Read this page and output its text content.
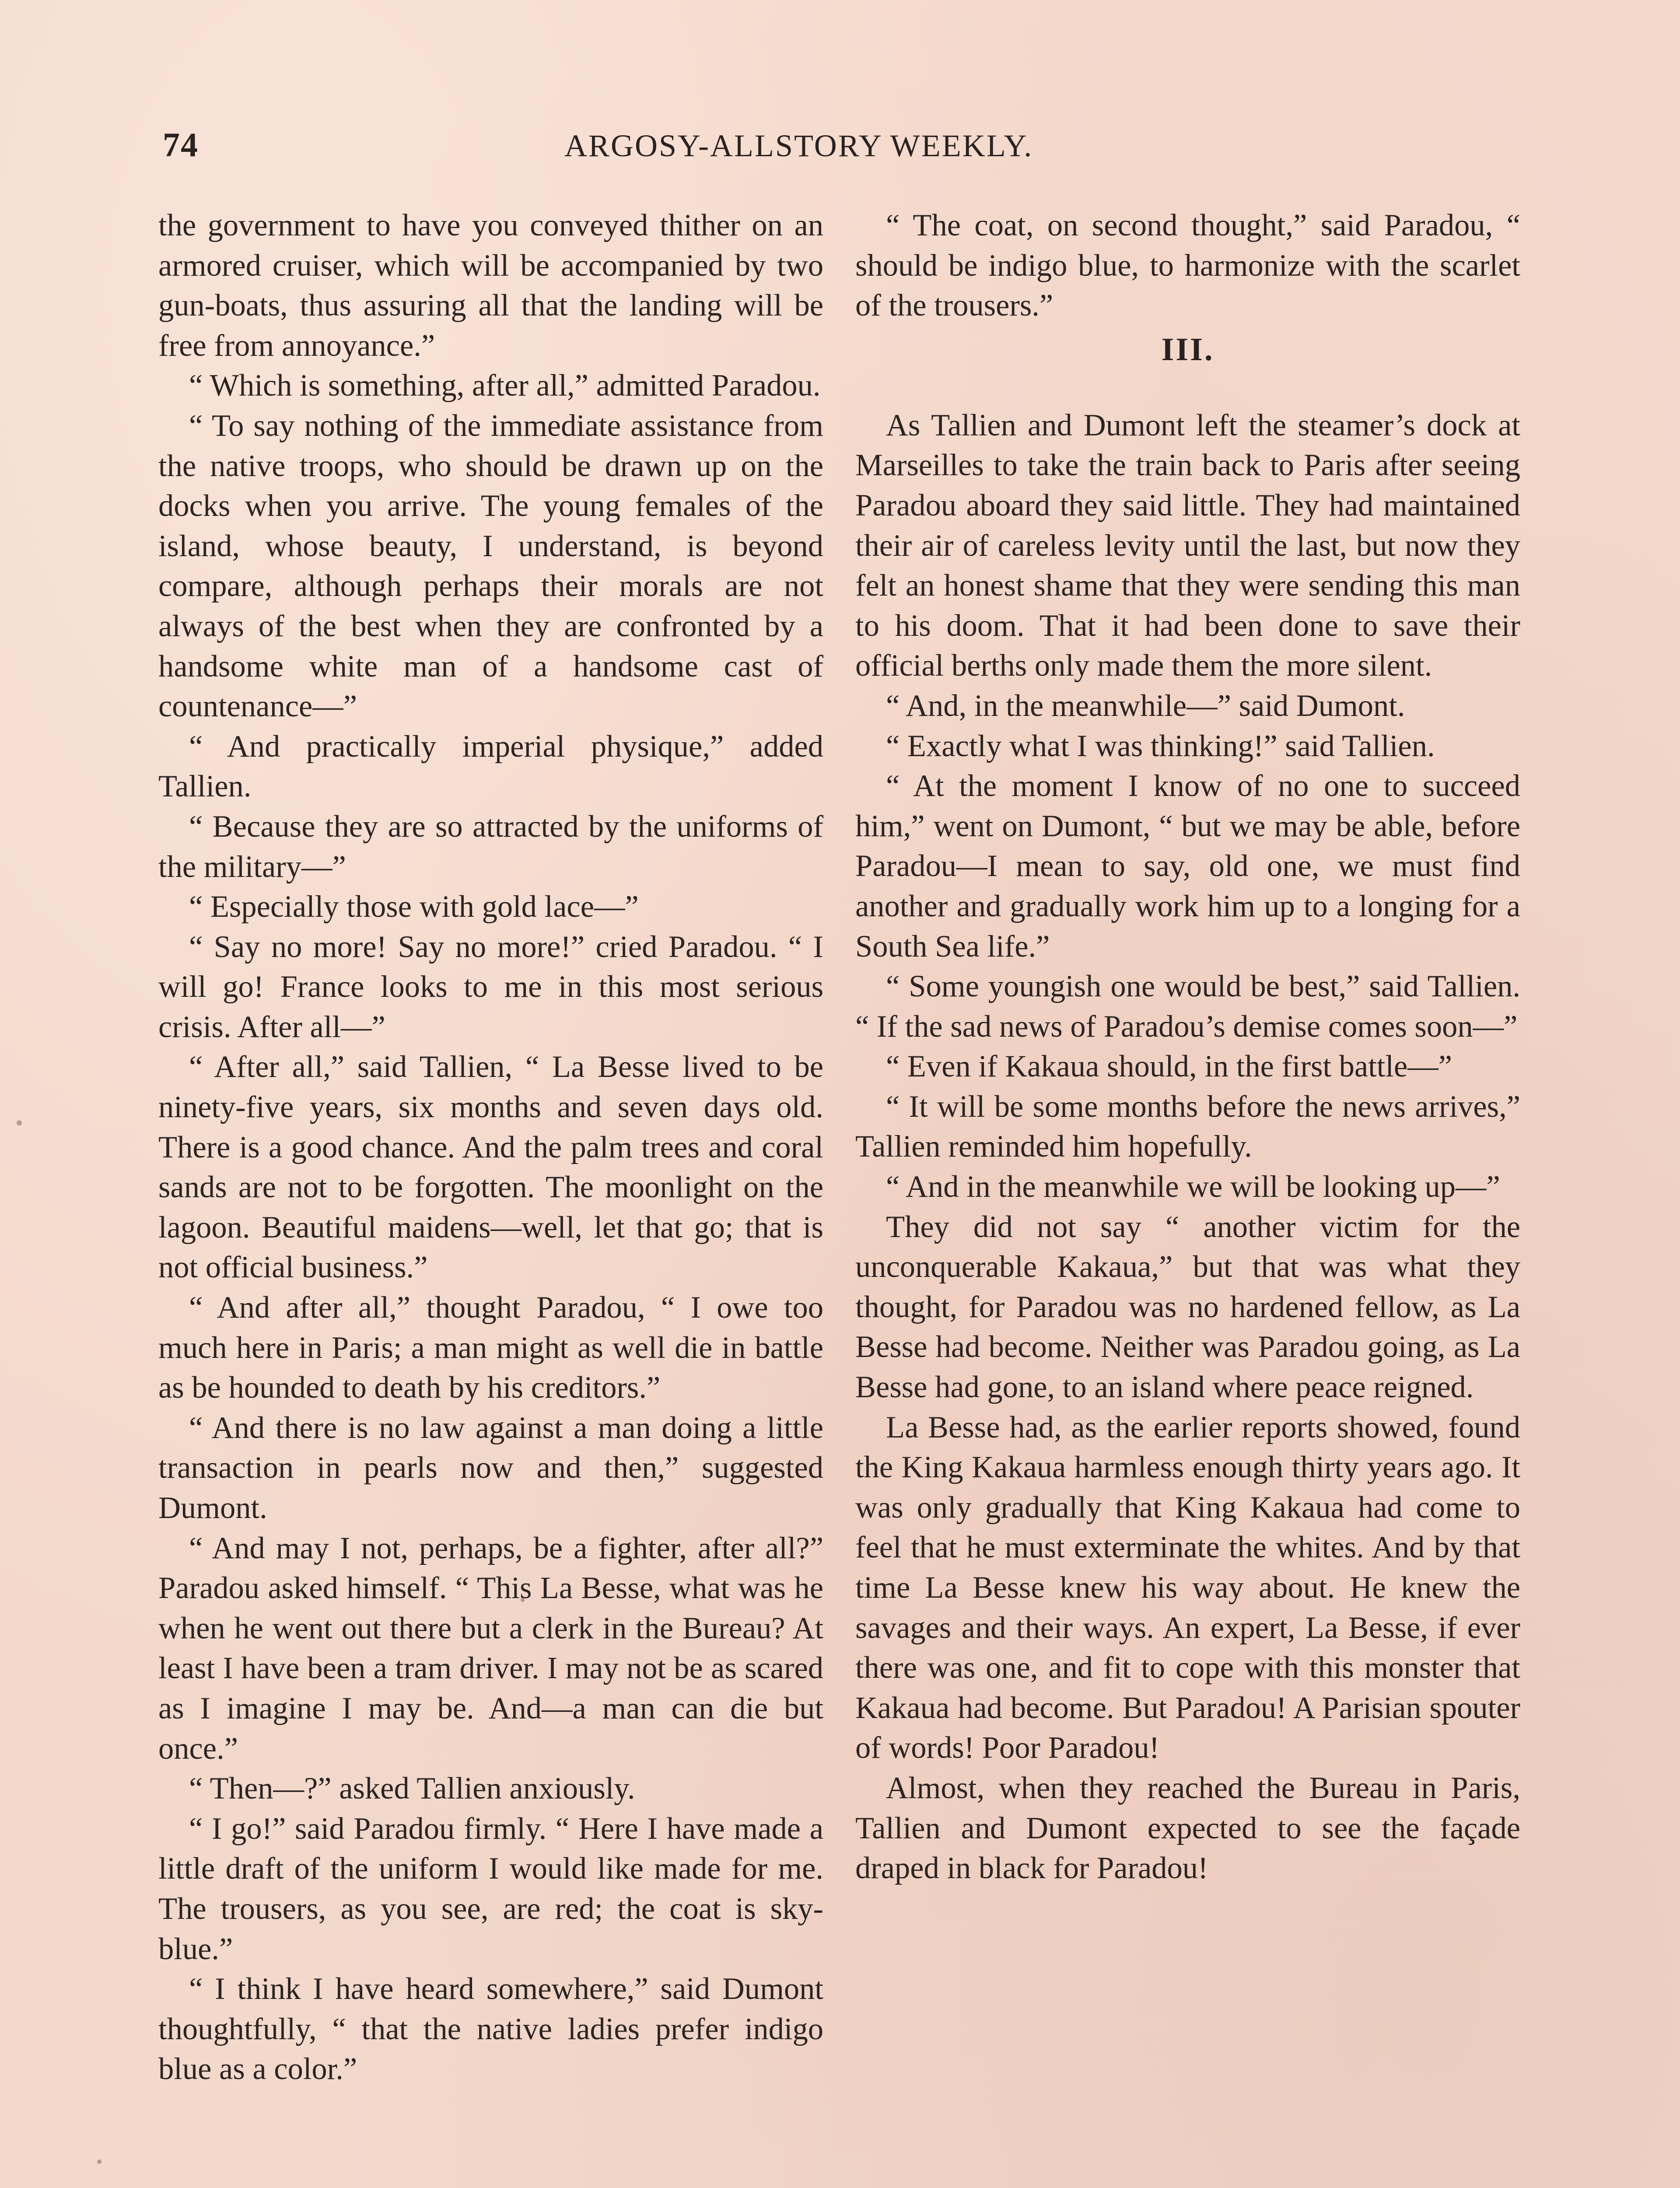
74	ARGOSY-ALLSTORY WEEKLY.

the government to have you conveyed thither on an armored cruiser, which will be accompanied by two gun-boats, thus assuring all that the landing will be free from annoyance.”

“ Which is something, after all,” admitted Paradou.

“ To say nothing of the immediate assistance from the native troops, who should be drawn up on the docks when you arrive. The young females of the island, whose beauty, I understand, is beyond compare, although perhaps their morals are not always of the best when they are confronted by a handsome white man of a handsome cast of countenance—”

“ And practically imperial physique,” added Tallien.

“ Because they are so attracted by the uniforms of the military—”

“ Especially those with gold lace—”

“ Say no more! Say no more!” cried Paradou. “ I will go! France looks to me in this most serious crisis. After all—”

“ After all,” said Tallien, “ La Besse lived to be ninety-five years, six months and seven days old. There is a good chance. And the palm trees and coral sands are not to be forgotten. The moonlight on the lagoon. Beautiful maidens—well, let that go; that is not official business.”

“ And after all,” thought Paradou, “ I owe too much here in Paris; a man might as well die in battle as be hounded to death by his creditors.”

“ And there is no law against a man doing a little transaction in pearls now and then,” suggested Dumont.

“ And may I not, perhaps, be a fighter, after all?” Paradou asked himself. “ This La Besse, what was he when he went out there but a clerk in the Bureau? At least I have been a tram driver. I may not be as scared as I imagine I may be. And—a man can die but once.”

“ Then—?” asked Tallien anxiously.

“ I go!” said Paradou firmly. “ Here I have made a little draft of the uniform I would like made for me. The trousers, as you see, are red; the coat is sky-blue.”

“ I think I have heard somewhere,” said Dumont thoughtfully, “ that the native ladies prefer indigo blue as a color.”

“ The coat, on second thought,” said Paradou, “ should be indigo blue, to harmonize with the scarlet of the trousers.”

III.

As Tallien and Dumont left the steamer’s dock at Marseilles to take the train back to Paris after seeing Paradou aboard they said little. They had maintained their air of careless levity until the last, but now they felt an honest shame that they were sending this man to his doom. That it had been done to save their official berths only made them the more silent.

“ And, in the meanwhile—” said Dumont.

“ Exactly what I was thinking!” said Tallien.

“ At the moment I know of no one to succeed him,” went on Dumont, “ but we may be able, before Paradou—I mean to say, old one, we must find another and gradually work him up to a longing for a South Sea life.”

“ Some youngish one would be best,” said Tallien. “ If the sad news of Paradou’s demise comes soon—”

“ Even if Kakaua should, in the first battle—”

“ It will be some months before the news arrives,” Tallien reminded him hopefully.

“ And in the meanwhile we will be looking up—”

They did not say “ another victim for the unconquerable Kakaua,” but that was what they thought, for Paradou was no hardened fellow, as La Besse had become. Neither was Paradou going, as La Besse had gone, to an island where peace reigned.

La Besse had, as the earlier reports showed, found the King Kakaua harmless enough thirty years ago. It was only gradually that King Kakaua had come to feel that he must exterminate the whites. And by that time La Besse knew his way about. He knew the savages and their ways. An expert, La Besse, if ever there was one, and fit to cope with this monster that Kakaua had become. But Paradou! A Parisian spouter of words! Poor Paradou!

Almost, when they reached the Bureau in Paris, Tallien and Dumont expected to see the façade draped in black for Paradou!
